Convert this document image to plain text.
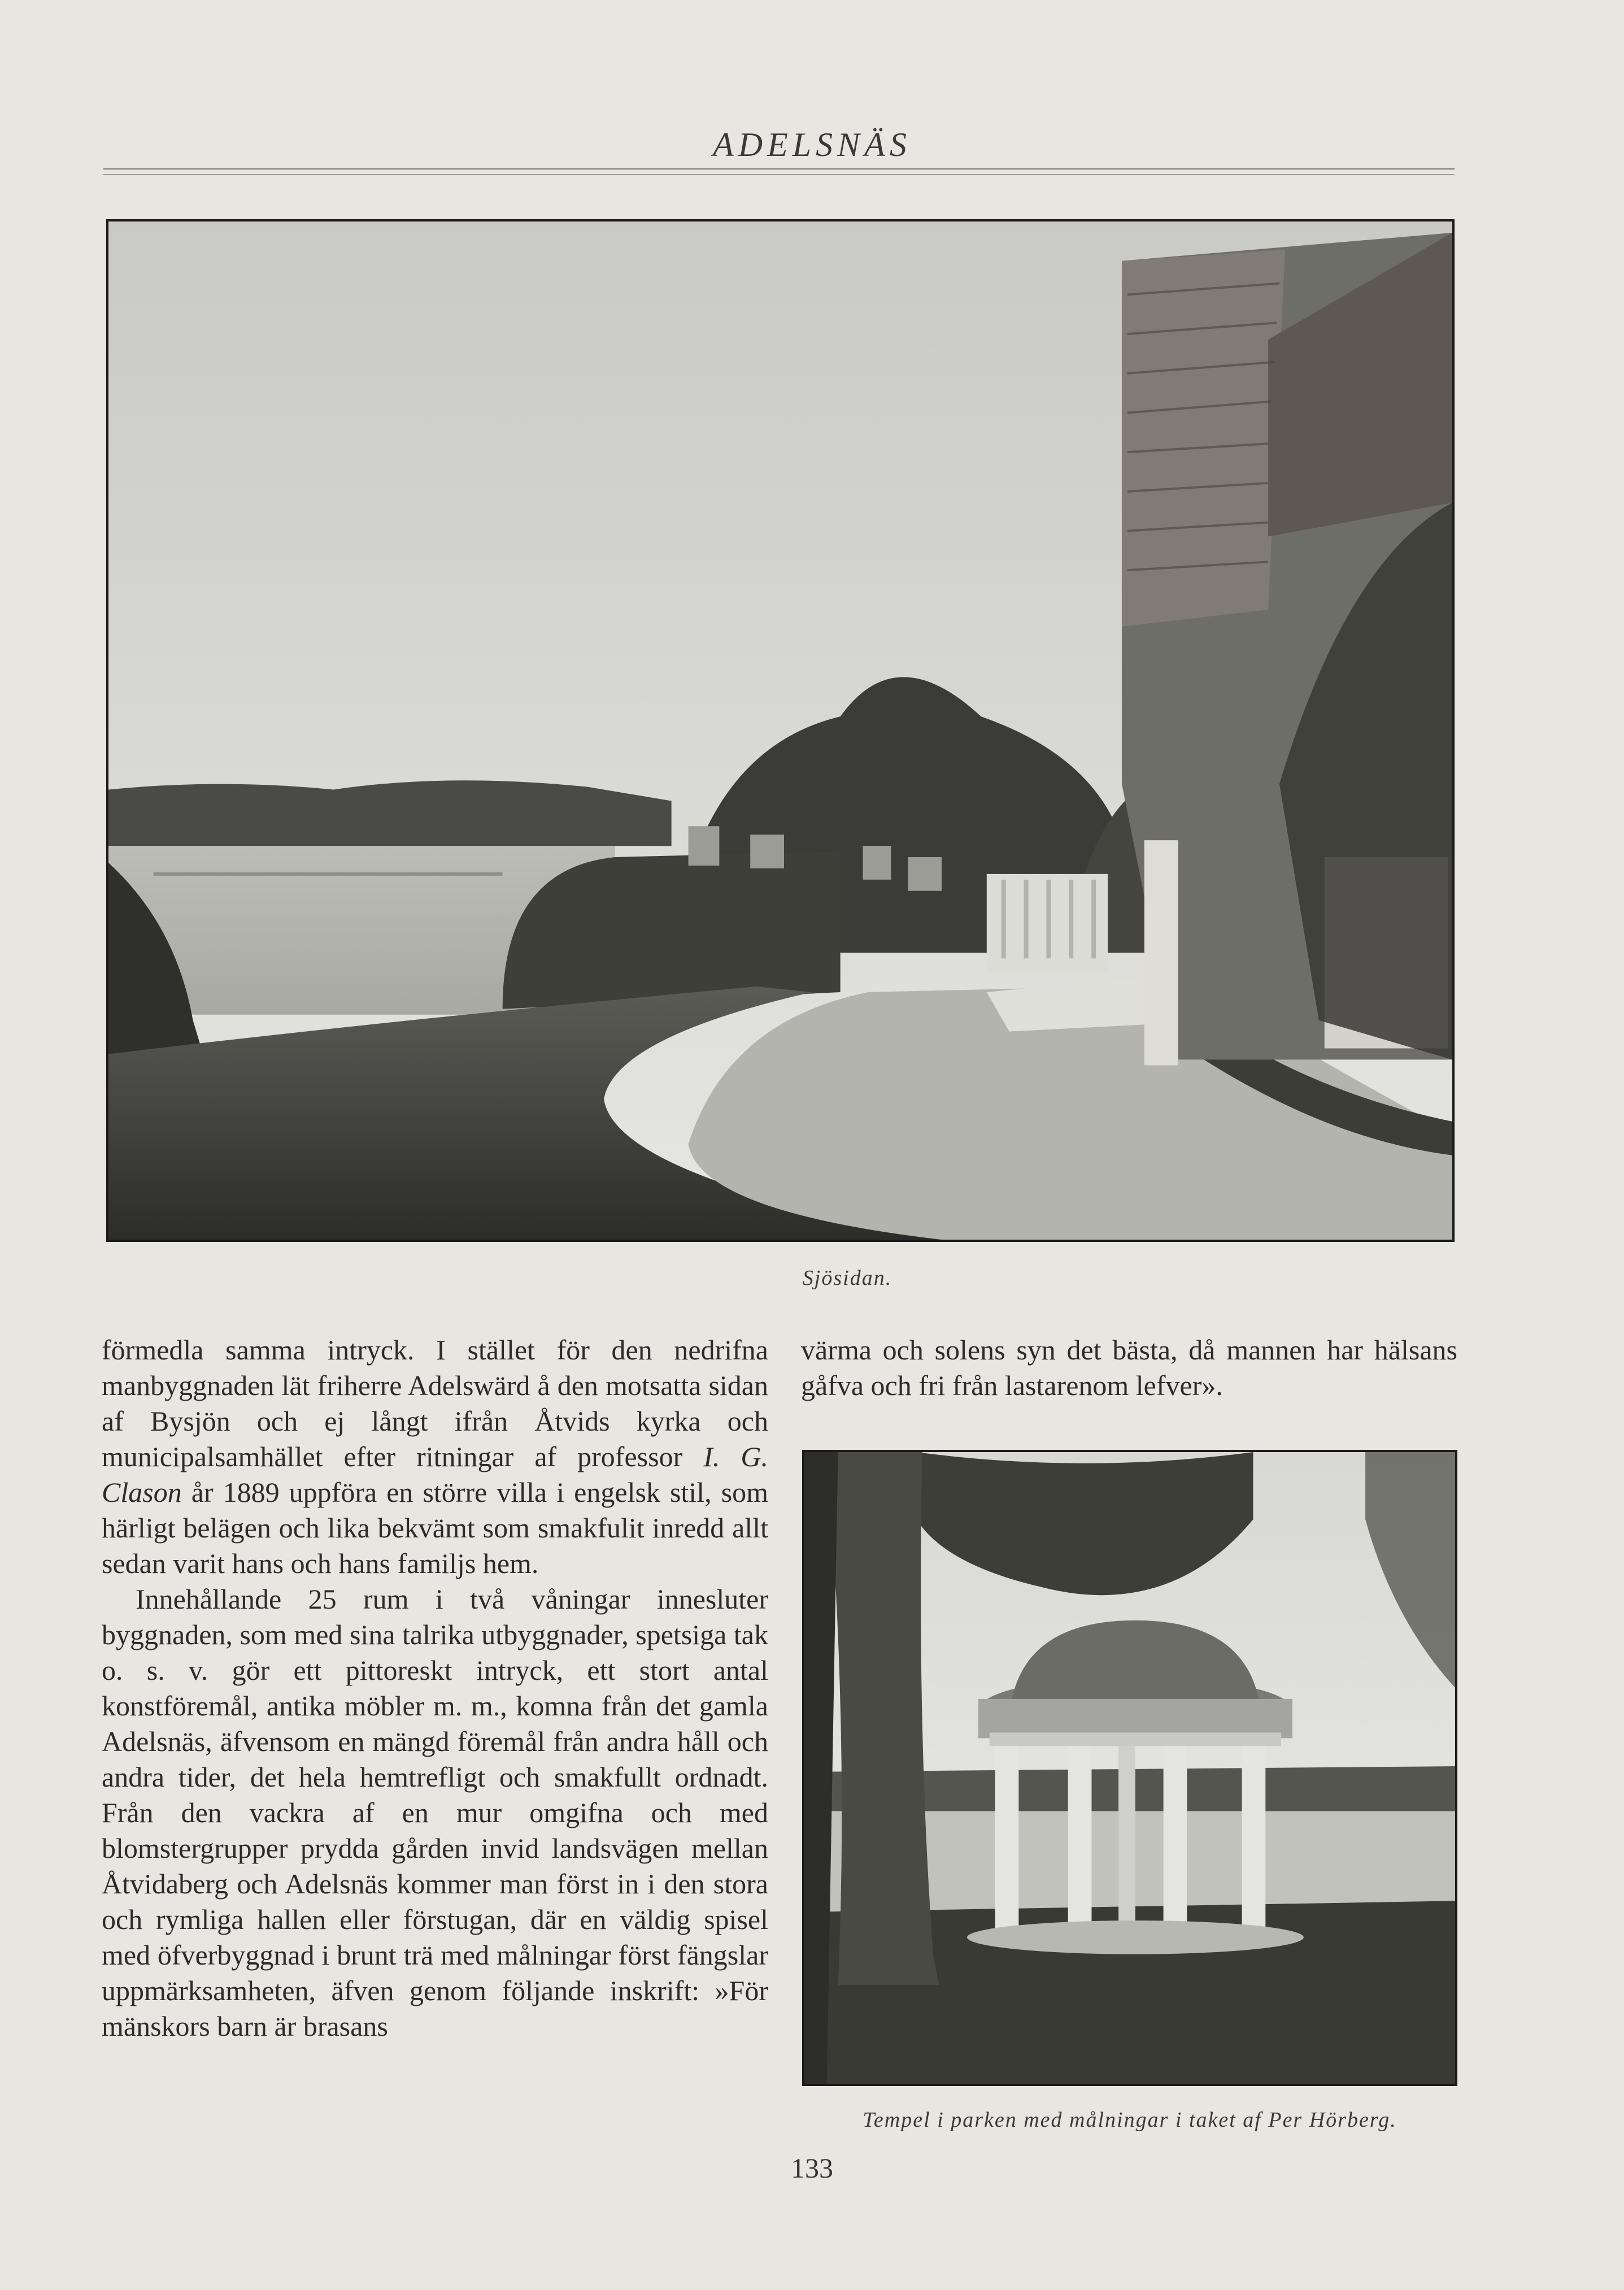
ADELSNÄS
Sjösidan.

förmedla samma intryck. I stället för den nedrifna manbyggnaden lät friherre Adelswärd å den motsatta sidan af Bysjön och ej långt ifrån Åtvids kyrka och municipalsamhället efter ritningar af professor I. G. Clason år 1889 uppföra en större villa i engelsk stil, som härligt belägen och lika bekvämt som smakfulit inredd allt sedan varit hans och hans familjs hem.

Innehållande 25 rum i två våningar innesluter byggnaden, som med sina talrika utbyggnader, spetsiga tak o. s. v. gör ett pittoreskt intryck, ett stort antal konstföremål, antika möbler m. m., komna från det gamla Adelsnäs, äfvensom en mängd föremål från andra håll och andra tider, det hela hemtrefligt och smakfullt ordnadt. Från den vackra af en mur omgifna och med blomstergrupper prydda gården invid landsvägen mellan Åtvidaberg och Adelsnäs kommer man först in i den stora och rymliga hallen eller förstugan, där en väldig spisel med öfverbyggnad i brunt trä med målningar först fängslar uppmärksamheten, äfven genom följande inskrift: »För mänskors barn är brasans

värma och solens syn det bästa, då mannen har hälsans gåfva och fri från lastarenom lefver».

Tempel i parken med målningar i taket af Per Hörberg.
133
